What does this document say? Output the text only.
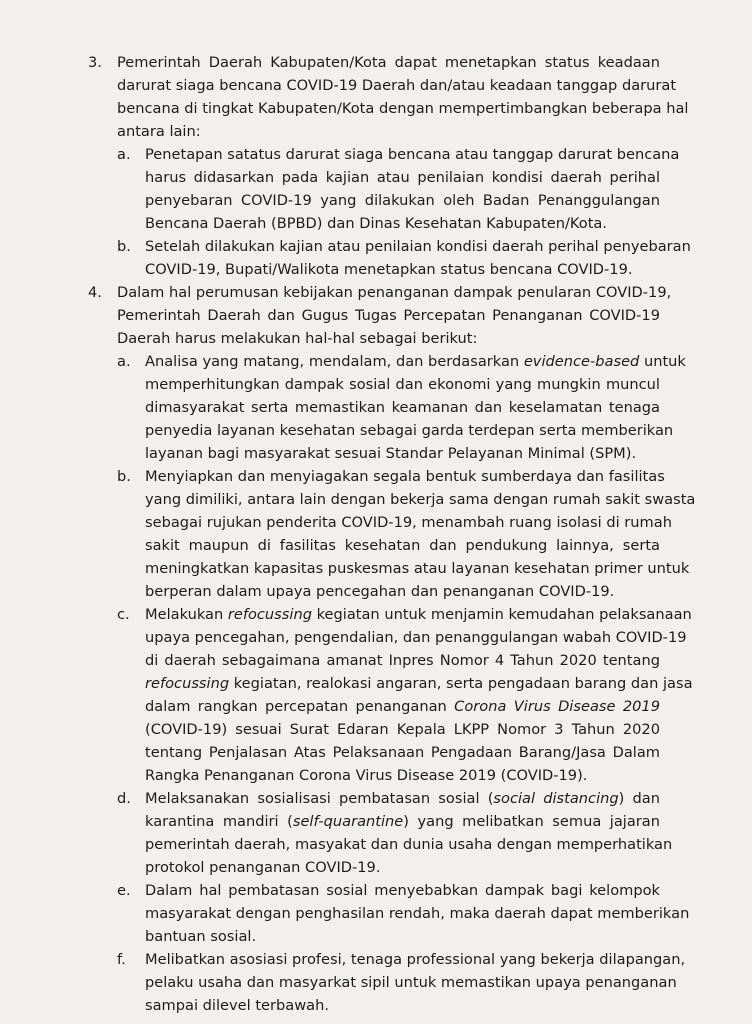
3. Pemerintah Daerah Kabupaten/Kota dapat menetapkan status keadaan
darurat siaga bencana COVID-19 Daerah dan/atau keadaan tanggap darurat
bencana di tingkat Kabupaten/Kota dengan mempertimbangkan beberapa hal
antara lain:
a. Penetapan satatus darurat siaga bencana atau tanggap darurat bencana
harus didasarkan pada kajian atau penilaian kondisi daerah perihal
penyebaran COVID-19 yang dilakukan oleh Badan Penanggulangan
Bencana Daerah (BPBD) dan Dinas Kesehatan Kabupaten/Kota.
b. Setelah dilakukan kajian atau penilaian kondisi daerah perihal penyebaran
COVID-19, Bupati/Walikota menetapkan status bencana COVID-19.
4. Dalam hal perumusan kebijakan penanganan dampak penularan COVID-19,
Pemerintah Daerah dan Gugus Tugas Percepatan Penanganan COVID-19
Daerah harus melakukan hal-hal sebagai berikut:
a. Analisa yang matang, mendalam, dan berdasarkan evidence-based untuk
memperhitungkan dampak sosial dan ekonomi yang mungkin muncul
dimasyarakat serta memastikan keamanan dan keselamatan tenaga
penyedia layanan kesehatan sebagai garda terdepan serta memberikan
layanan bagi masyarakat sesuai Standar Pelayanan Minimal (SPM).
b. Menyiapkan dan menyiagakan segala bentuk sumberdaya dan fasilitas
yang dimiliki, antara lain dengan bekerja sama dengan rumah sakit swasta
sebagai rujukan penderita COVID-19, menambah ruang isolasi di rumah
sakit maupun di fasilitas kesehatan dan pendukung lainnya, serta
meningkatkan kapasitas puskesmas atau layanan kesehatan primer untuk
berperan dalam upaya pencegahan dan penanganan COVID-19.
c. Melakukan refocussing kegiatan untuk menjamin kemudahan pelaksanaan
upaya pencegahan, pengendalian, dan penanggulangan wabah COVID-19
di daerah sebagaimana amanat Inpres Nomor 4 Tahun 2020 tentang
refocussing kegiatan, realokasi angaran, serta pengadaan barang dan jasa
dalam rangkan percepatan penanganan Corona Virus Disease 2019
(COVID-19) sesuai Surat Edaran Kepala LKPP Nomor 3 Tahun 2020
tentang Penjalasan Atas Pelaksanaan Pengadaan Barang/Jasa Dalam
Rangka Penanganan Corona Virus Disease 2019 (COVID-19).
d. Melaksanakan sosialisasi pembatasan sosial (social distancing) dan
karantina mandiri (self-quarantine) yang melibatkan semua jajaran
pemerintah daerah, masyakat dan dunia usaha dengan memperhatikan
protokol penanganan COVID-19.
e. Dalam hal pembatasan sosial menyebabkan dampak bagi kelompok
masyarakat dengan penghasilan rendah, maka daerah dapat memberikan
bantuan sosial.
f. Melibatkan asosiasi profesi, tenaga professional yang bekerja dilapangan,
pelaku usaha dan masyarkat sipil untuk memastikan upaya penanganan
sampai dilevel terbawah.
